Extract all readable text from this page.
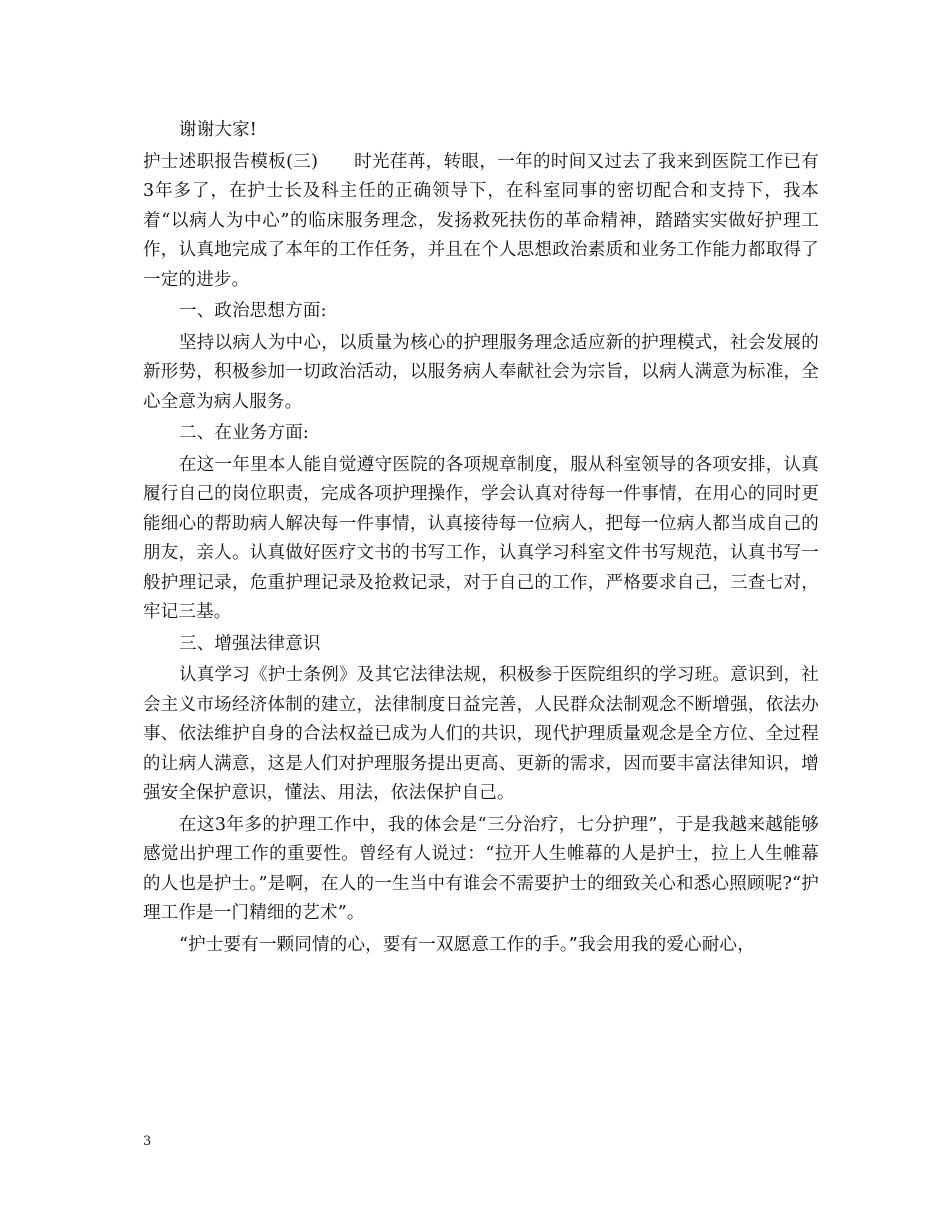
谢谢大家!

护士述职报告模板(三)　　时光荏苒，转眼，一年的时间又过去了我来到医院工作已有3年多了，在护士长及科主任的正确领导下，在科室同事的密切配合和支持下，我本着“以病人为中心”的临床服务理念，发扬救死扶伤的革命精神，踏踏实实做好护理工作，认真地完成了本年的工作任务，并且在个人思想政治素质和业务工作能力都取得了一定的进步。

一、政治思想方面:

坚持以病人为中心，以质量为核心的护理服务理念适应新的护理模式，社会发展的新形势，积极参加一切政治活动，以服务病人奉献社会为宗旨，以病人满意为标准，全心全意为病人服务。

二、在业务方面:

在这一年里本人能自觉遵守医院的各项规章制度，服从科室领导的各项安排，认真履行自己的岗位职责，完成各项护理操作，学会认真对待每一件事情，在用心的同时更能细心的帮助病人解决每一件事情，认真接待每一位病人，把每一位病人都当成自己的朋友，亲人。认真做好医疗文书的书写工作，认真学习科室文件书写规范，认真书写一般护理记录，危重护理记录及抢救记录，对于自己的工作，严格要求自己，三查七对，牢记三基。

三、增强法律意识

认真学习《护士条例》及其它法律法规，积极参于医院组织的学习班。意识到，社会主义市场经济体制的建立，法律制度日益完善，人民群众法制观念不断增强，依法办事、依法维护自身的合法权益已成为人们的共识，现代护理质量观念是全方位、全过程的让病人满意，这是人们对护理服务提出更高、更新的需求，因而要丰富法律知识，增强安全保护意识，懂法、用法，依法保护自己。

在这3年多的护理工作中，我的体会是“三分治疗，七分护理”，于是我越来越能够感觉出护理工作的重要性。曾经有人说过：“拉开人生帷幕的人是护士，拉上人生帷幕的人也是护士。”是啊，在人的一生当中有谁会不需要护士的细致关心和悉心照顾呢?“护理工作是一门精细的艺术”。

“护士要有一颗同情的心，要有一双愿意工作的手。”我会用我的爱心耐心，

3
